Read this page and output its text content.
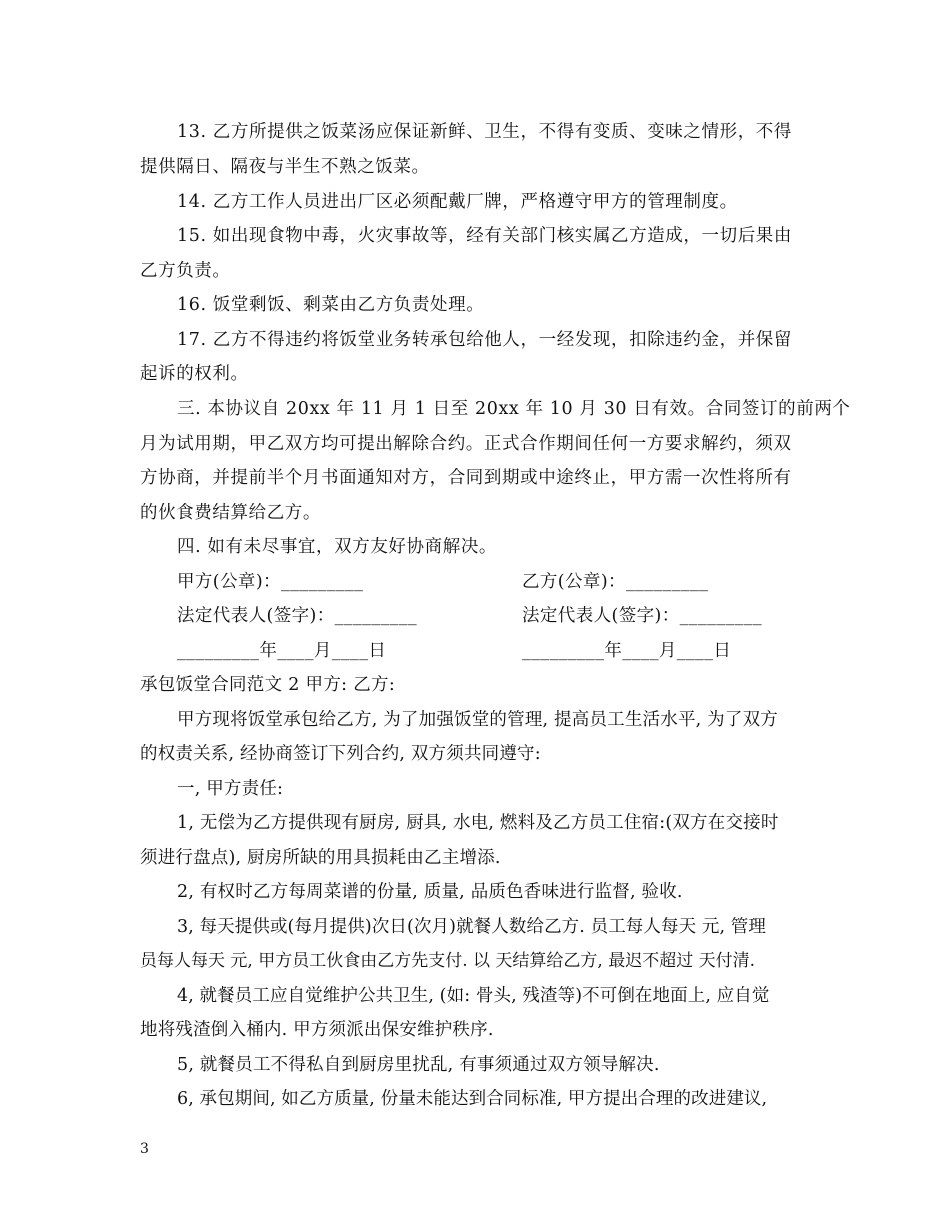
13. 乙方所提供之饭菜汤应保证新鲜、卫生，不得有变质、变味之情形，不得
提供隔日、隔夜与半生不熟之饭菜。
14. 乙方工作人员进出厂区必须配戴厂牌，严格遵守甲方的管理制度。
15. 如出现食物中毒，火灾事故等，经有关部门核实属乙方造成，一切后果由
乙方负责。
16. 饭堂剩饭、剩菜由乙方负责处理。
17. 乙方不得违约将饭堂业务转承包给他人，一经发现，扣除违约金，并保留
起诉的权利。
三. 本协议自 20xx 年 11 月 1 日至 20xx 年 10 月 30 日有效。合同签订的前两个
月为试用期，甲乙双方均可提出解除合约。正式合作期间任何一方要求解约，须双
方协商，并提前半个月书面通知对方，合同到期或中途终止，甲方需一次性将所有
的伙食费结算给乙方。
四. 如有未尽事宜，双方友好协商解决。
甲方(公章)：_________	乙方(公章)：_________
法定代表人(签字)：_________	法定代表人(签字)：_________
_________年____月____日	_________年____月____日
承包饭堂合同范文 2 甲方: 乙方:
甲方现将饭堂承包给乙方, 为了加强饭堂的管理, 提高员工生活水平, 为了双方
的权责关系, 经协商签订下列合约, 双方须共同遵守:
一, 甲方责任:
1, 无偿为乙方提供现有厨房, 厨具, 水电, 燃料及乙方员工住宿:(双方在交接时
须进行盘点), 厨房所缺的用具损耗由乙主增添.
2, 有权时乙方每周菜谱的份量, 质量, 品质色香味进行监督, 验收.
3, 每天提供或(每月提供)次日(次月)就餐人数给乙方. 员工每人每天 元, 管理
员每人每天 元, 甲方员工伙食由乙方先支付. 以 天结算给乙方, 最迟不超过 天付清.
4, 就餐员工应自觉维护公共卫生, (如: 骨头, 残渣等)不可倒在地面上, 应自觉
地将残渣倒入桶内. 甲方须派出保安维护秩序.
5, 就餐员工不得私自到厨房里扰乱, 有事须通过双方领导解决.
6, 承包期间, 如乙方质量, 份量未能达到合同标准, 甲方提出合理的改进建议,
3
